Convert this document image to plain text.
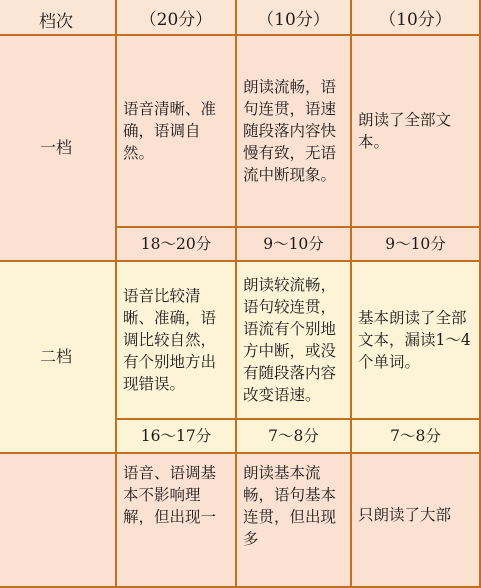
档次	（20分）	（10分）	（10分）

一档	语音清晰、准确，语调自然。	朗读流畅，语句连贯，语速随段落内容快慢有致，无语流中断现象。	朗读了全部文本。
	18～20分	9～10分	9～10分
二档	语音比较清晰、准确，语调比较自然，有个别地方出现错误。	朗读较流畅，语句较连贯，语流有个别地方中断，或没有随段落内容改变语速。	基本朗读了全部文本，漏读1～4个单词。
	16～17分	7～8分	7～8分
	语音、语调基本不影响理解，但出现一	朗读基本流畅，语句基本连贯，但出现多	只朗读了大部
